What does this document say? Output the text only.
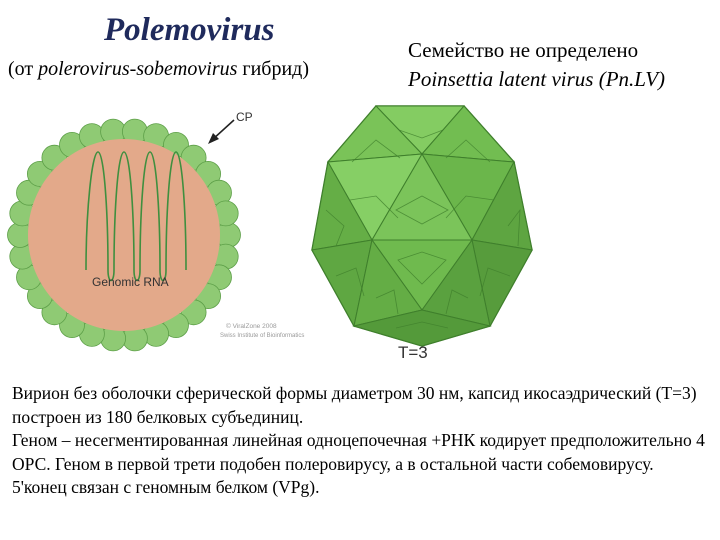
Polemovirus
(от polerovirus-sobemovirus гибрид)
Семейство не определено
Poinsettia latent virus (Pn.LV)
Genomic RNA
CP
© ViralZone 2008
Swiss Institute of Bioinformatics
T=3

Вирион без оболочки сферической формы диаметром 30 нм, капсид икосаэдрический (T=3) построен из 180 белковых субъединиц.

Геном – несегментированная линейная одноцепочечная +РНК кодирует предположительно 4 ОРС. Геном в первой трети подобен полеровирусу, а в остальной части собемовирусу. 5'конец связан с геномным белком (VPg).
